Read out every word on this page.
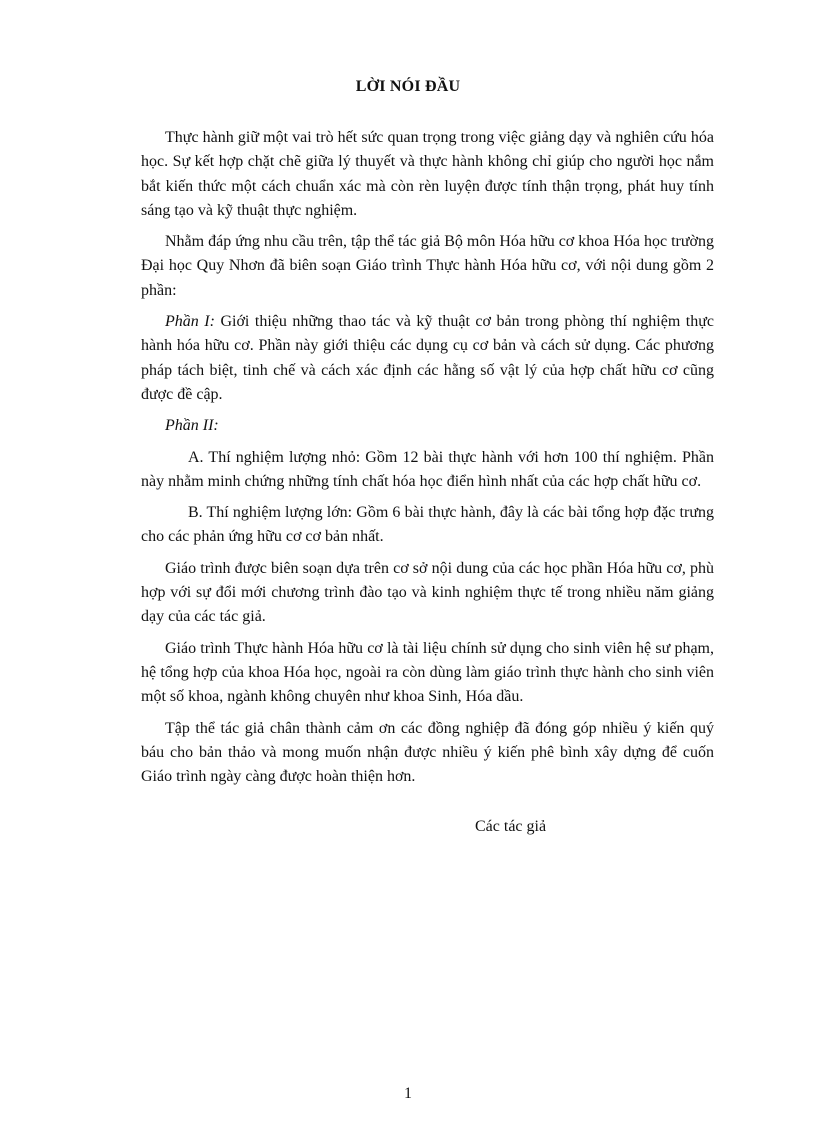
LỜI NÓI ĐẦU

Thực hành giữ một vai trò hết sức quan trọng trong việc giảng dạy và nghiên cứu hóa học. Sự kết hợp chặt chẽ giữa lý thuyết và thực hành không chỉ giúp cho người học nắm bắt kiến thức một cách chuẩn xác mà còn rèn luyện được tính thận trọng, phát huy tính sáng tạo và kỹ thuật thực nghiệm.

Nhằm đáp ứng nhu cầu trên, tập thể tác giả Bộ môn Hóa hữu cơ khoa Hóa học trường Đại học Quy Nhơn đã biên soạn Giáo trình Thực hành Hóa hữu cơ, với nội dung gồm 2 phần:

Phần I: Giới thiệu những thao tác và kỹ thuật cơ bản trong phòng thí nghiệm thực hành hóa hữu cơ. Phần này giới thiệu các dụng cụ cơ bản và cách sử dụng. Các phương pháp tách biệt, tinh chế và cách xác định các hằng số vật lý của hợp chất hữu cơ cũng được đề cập.

Phần II:

A. Thí nghiệm lượng nhỏ: Gồm 12 bài thực hành với hơn 100 thí nghiệm. Phần này nhằm minh chứng những tính chất hóa học điển hình nhất của các hợp chất hữu cơ.

B. Thí nghiệm lượng lớn: Gồm 6 bài thực hành, đây là các bài tổng hợp đặc trưng cho các phản ứng hữu cơ cơ bản nhất.

Giáo trình được biên soạn dựa trên cơ sở nội dung của các học phần Hóa hữu cơ, phù hợp với sự đổi mới chương trình đào tạo và kinh nghiệm thực tế trong nhiều năm giảng dạy của các tác giả.

Giáo trình Thực hành Hóa hữu cơ là tài liệu chính sử dụng cho sinh viên hệ sư phạm, hệ tổng hợp của khoa Hóa học, ngoài ra còn dùng làm giáo trình thực hành cho sinh viên một số khoa, ngành không chuyên như khoa Sinh, Hóa dầu.

Tập thể tác giả chân thành cảm ơn các đồng nghiệp đã đóng góp nhiều ý kiến quý báu cho bản thảo và mong muốn nhận được nhiều ý kiến phê bình xây dựng để cuốn Giáo trình ngày càng được hoàn thiện hơn.

Các tác giả
1
